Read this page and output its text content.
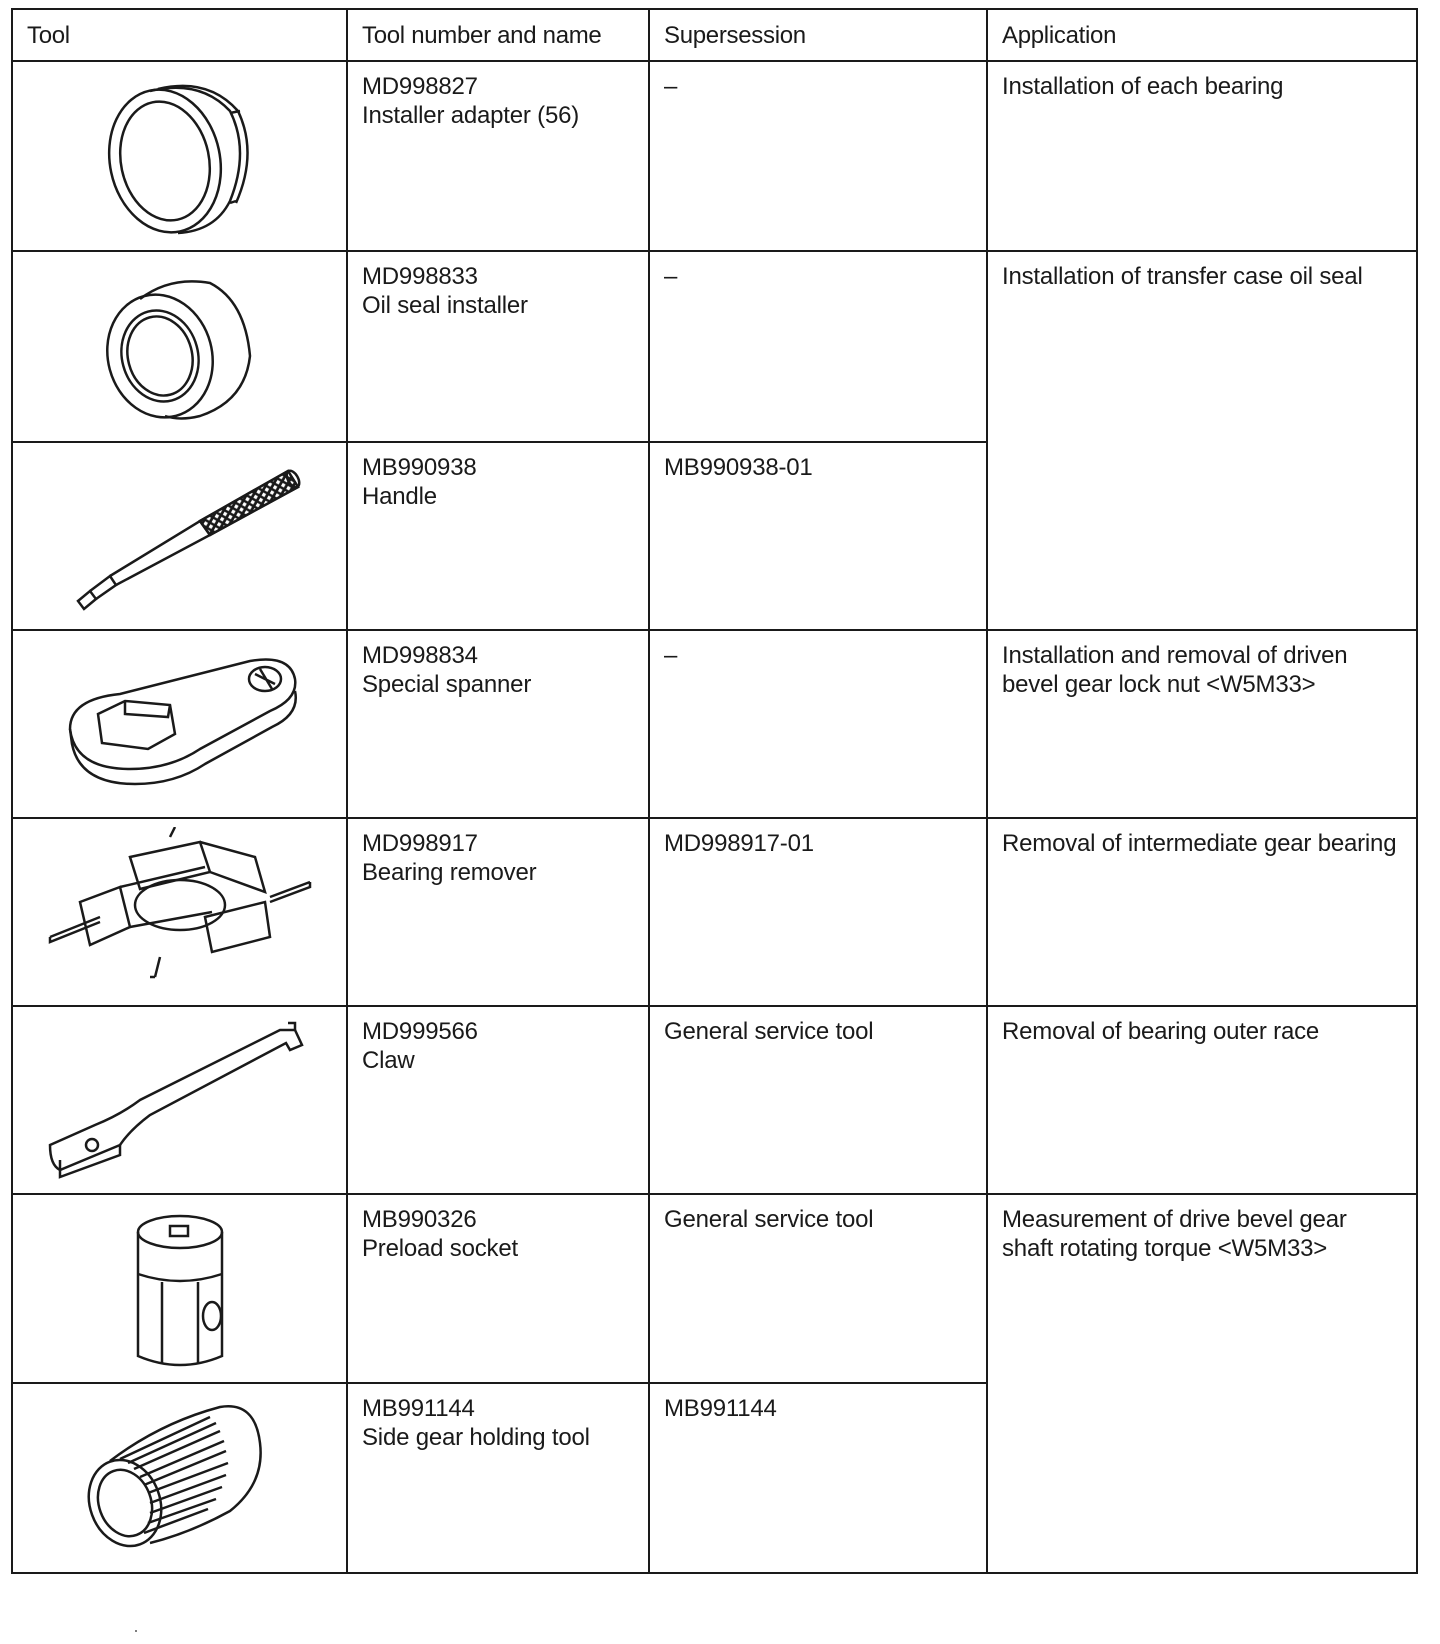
Tool	Tool number and name	Supersession	Application

MD998827
Installer adapter (56)	–	Installation of each bearing

MD998833
Oil seal installer	–	Installation of transfer case oil seal

MB990938
Handle	MB990938-01	

MD998834
Special spanner	–	Installation and removal of driven bevel gear lock nut <W5M33>

MD998917
Bearing remover	MD998917-01	Removal of intermediate gear bearing

MD999566
Claw	General service tool	Removal of bearing outer race

MB990326
Preload socket	General service tool	Measurement of drive bevel gear shaft rotating torque <W5M33>

MB991144
Side gear holding tool	MB991144	
